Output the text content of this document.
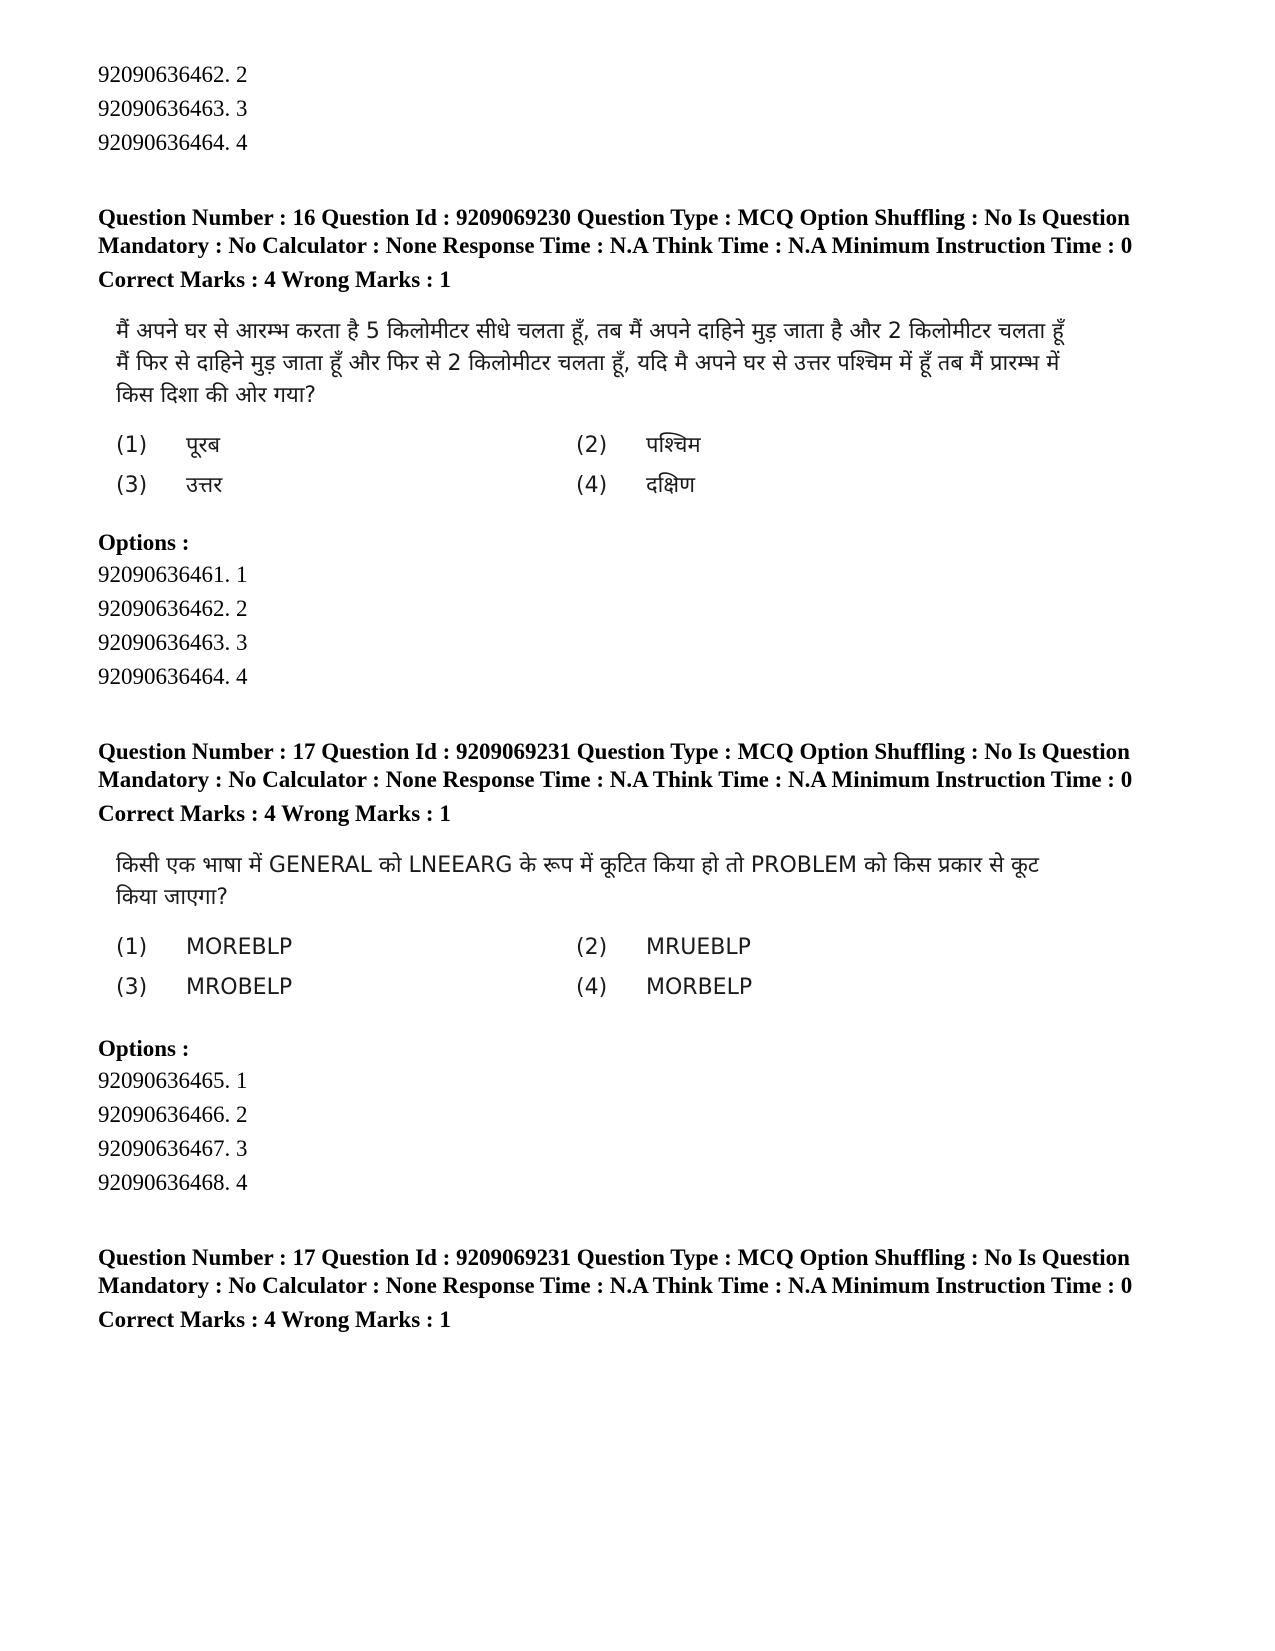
92090636462. 2
92090636463. 3
92090636464. 4
Question Number : 16 Question Id : 9209069230 Question Type : MCQ Option Shuffling : No Is Question Mandatory : No Calculator : None Response Time : N.A Think Time : N.A Minimum Instruction Time : 0
Correct Marks : 4 Wrong Marks : 1
मैं अपने घर से आरम्भ करता है 5 किलोमीटर सीधे चलता हूँ, तब मैं अपने दाहिने मुड़ जाता है और 2 किलोमीटर चलता हूँ मैं फिर से दाहिने मुड़ जाता हूँ और फिर से 2 किलोमीटर चलता हूँ, यदि मै अपने घर से उत्तर पश्चिम में हूँ तब मैं प्रारम्भ में किस दिशा की ओर गया?
(1)	पूरब	(2)	पश्चिम
(3)	उत्तर	(4)	दक्षिण
Options :
92090636461. 1
92090636462. 2
92090636463. 3
92090636464. 4
Question Number : 17 Question Id : 9209069231 Question Type : MCQ Option Shuffling : No Is Question Mandatory : No Calculator : None Response Time : N.A Think Time : N.A Minimum Instruction Time : 0
Correct Marks : 4 Wrong Marks : 1
किसी एक भाषा में GENERAL को LNEEARG के रूप में कूटित किया हो तो PROBLEM को किस प्रकार से कूट किया जाएगा?
(1)	MOREBLP	(2)	MRUEBLP
(3)	MROBELP	(4)	MORBELP
Options :
92090636465. 1
92090636466. 2
92090636467. 3
92090636468. 4
Question Number : 17 Question Id : 9209069231 Question Type : MCQ Option Shuffling : No Is Question Mandatory : No Calculator : None Response Time : N.A Think Time : N.A Minimum Instruction Time : 0
Correct Marks : 4 Wrong Marks : 1
